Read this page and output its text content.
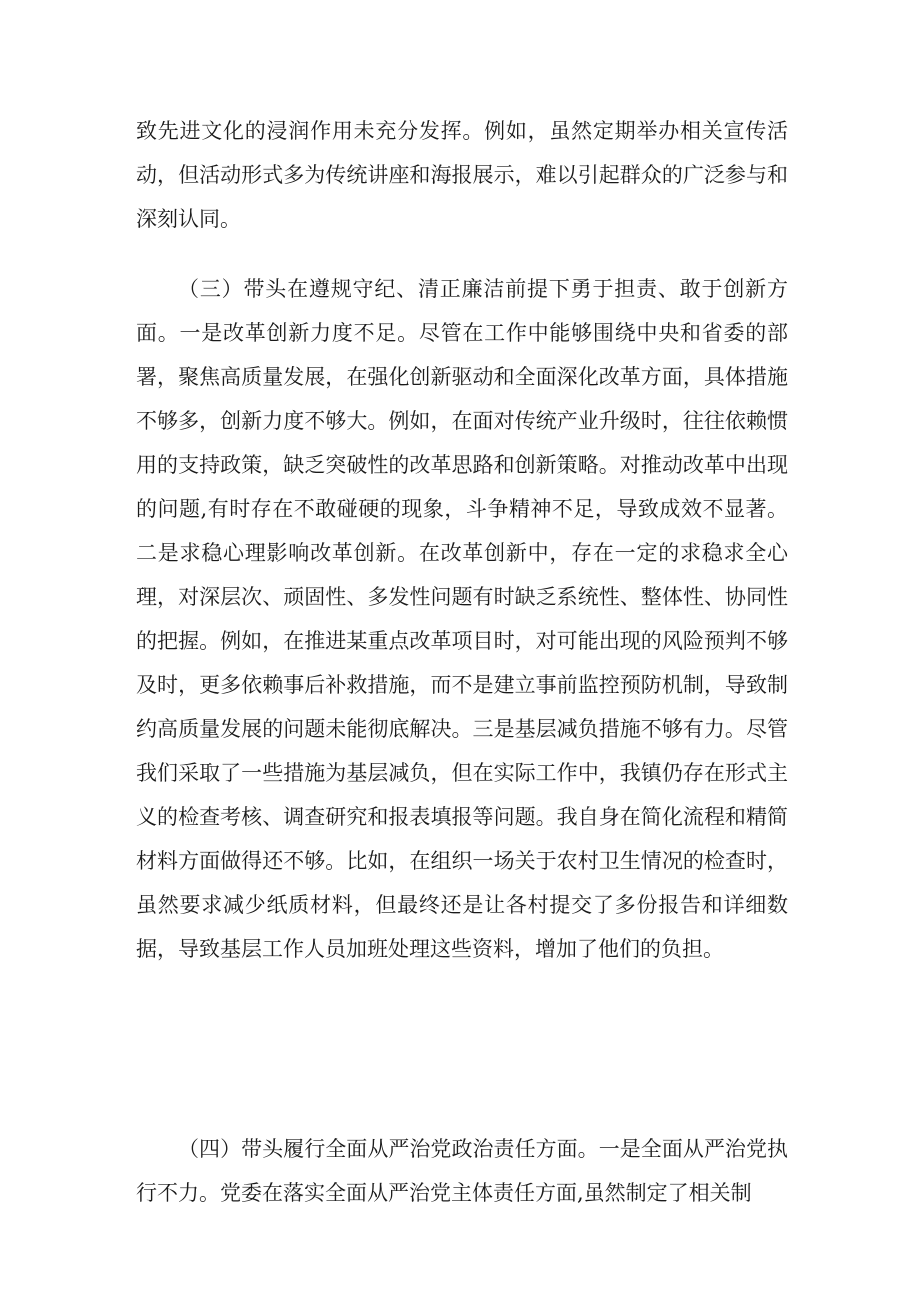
致先进文化的浸润作用未充分发挥。例如，虽然定期举办相关宣传活动，但活动形式多为传统讲座和海报展示，难以引起群众的广泛参与和深刻认同。

（三）带头在遵规守纪、清正廉洁前提下勇于担责、敢于创新方面。一是改革创新力度不足。尽管在工作中能够围绕中央和省委的部署，聚焦高质量发展，在强化创新驱动和全面深化改革方面，具体措施不够多，创新力度不够大。例如，在面对传统产业升级时，往往依赖惯用的支持政策，缺乏突破性的改革思路和创新策略。对推动改革中出现的问题,有时存在不敢碰硬的现象，斗争精神不足，导致成效不显著。二是求稳心理影响改革创新。在改革创新中，存在一定的求稳求全心理，对深层次、顽固性、多发性问题有时缺乏系统性、整体性、协同性的把握。例如，在推进某重点改革项目时，对可能出现的风险预判不够及时，更多依赖事后补救措施，而不是建立事前监控预防机制，导致制约高质量发展的问题未能彻底解决。三是基层减负措施不够有力。尽管我们采取了一些措施为基层减负，但在实际工作中，我镇仍存在形式主义的检查考核、调查研究和报表填报等问题。我自身在简化流程和精简材料方面做得还不够。比如，在组织一场关于农村卫生情况的检查时，虽然要求减少纸质材料，但最终还是让各村提交了多份报告和详细数据，导致基层工作人员加班处理这些资料，增加了他们的负担。

（四）带头履行全面从严治党政治责任方面。一是全面从严治党执行不力。党委在落实全面从严治党主体责任方面,虽然制定了相关制
